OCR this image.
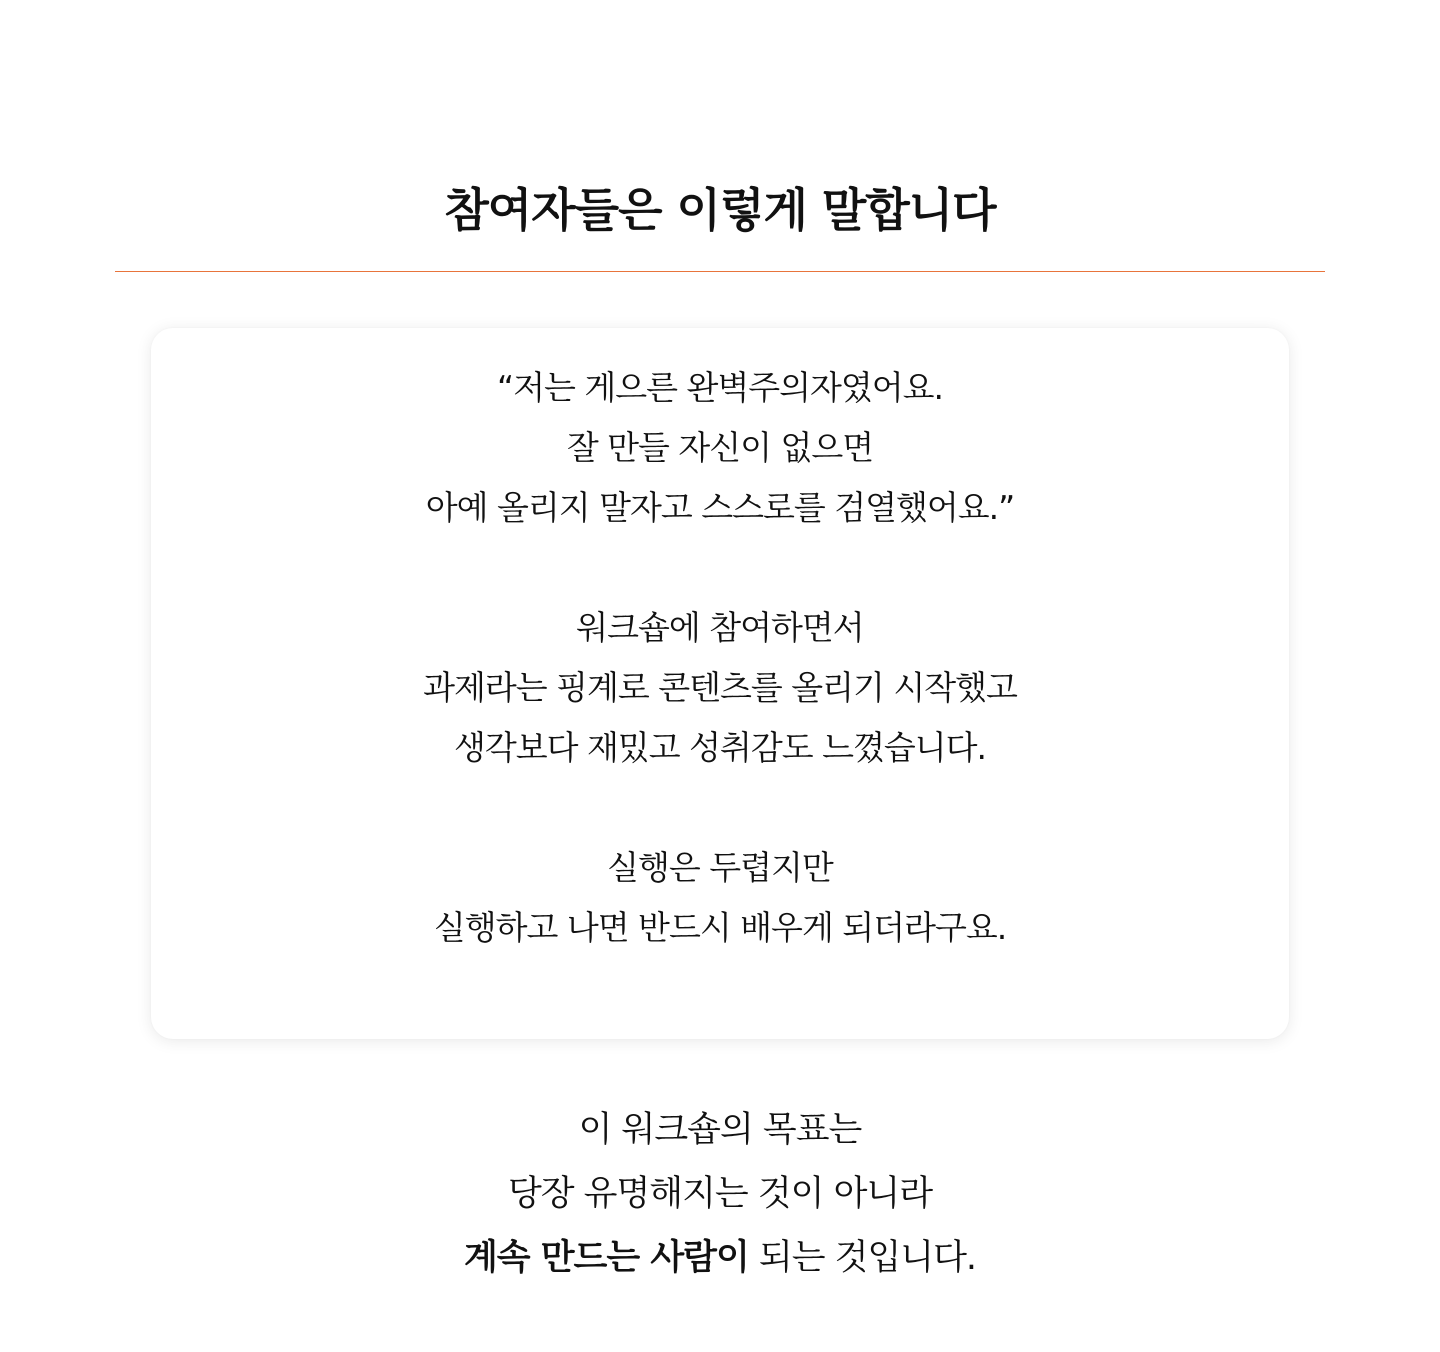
참여자들은 이렇게 말합니다

“저는 게으른 완벽주의자였어요.
잘 만들 자신이 없으면
아예 올리지 말자고 스스로를 검열했어요.”

워크숍에 참여하면서
과제라는 핑계로 콘텐츠를 올리기 시작했고
생각보다 재밌고 성취감도 느꼈습니다.

실행은 두렵지만
실행하고 나면 반드시 배우게 되더라구요.

이 워크숍의 목표는
당장 유명해지는 것이 아니라
계속 만드는 사람이 되는 것입니다.
